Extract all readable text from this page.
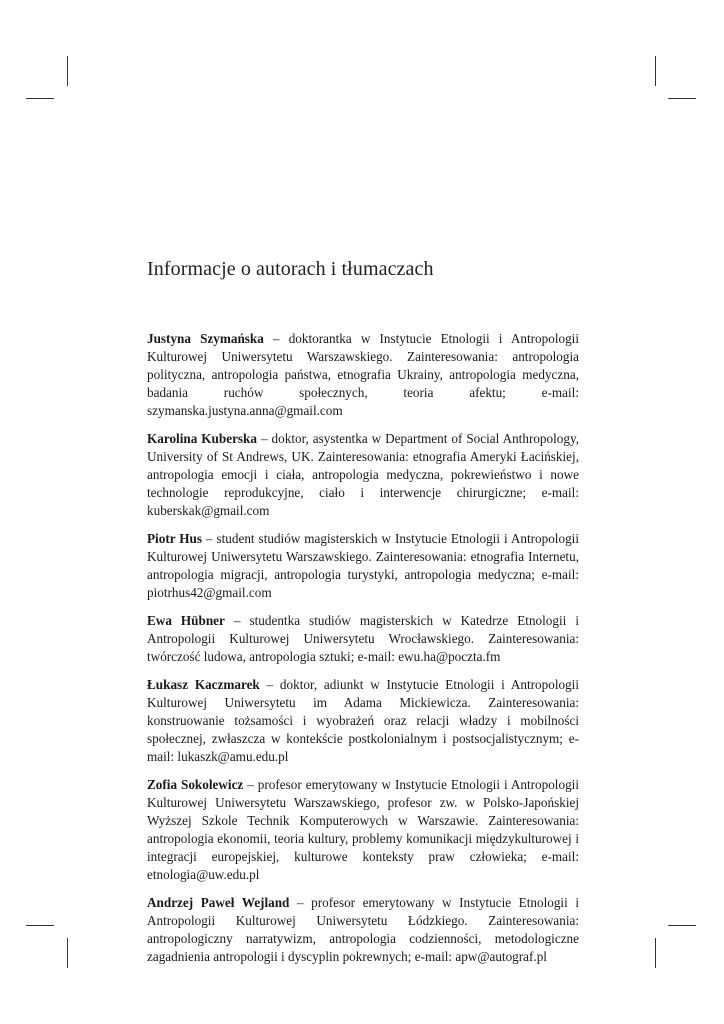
Informacje o autorach i tłumaczach

Justyna Szymańska – doktorantka w Instytucie Etnologii i Antropologii Kulturowej Uniwersytetu Warszawskiego. Zainteresowania: antropologia polityczna, antropologia państwa, etnografia Ukrainy, antropologia medyczna, badania ruchów społecznych, teoria afektu; e-mail: szymanska.justyna.anna@gmail.com

Karolina Kuberska – doktor, asystentka w Department of Social Anthropology, University of St Andrews, UK. Zainteresowania: etnografia Ameryki Łacińskiej, antropologia emocji i ciała, antropologia medyczna, pokrewieństwo i nowe technologie reprodukcyjne, ciało i interwencje chirurgiczne; e-mail: kuberskak@gmail.com

Piotr Hus – student studiów magisterskich w Instytucie Etnologii i Antropologii Kulturowej Uniwersytetu Warszawskiego. Zainteresowania: etnografia Internetu, antropologia migracji, antropologia turystyki, antropologia medyczna; e-mail: piotrhus42@gmail.com

Ewa Hübner – studentka studiów magisterskich w Katedrze Etnologii i Antropologii Kulturowej Uniwersytetu Wrocławskiego. Zainteresowania: twórczość ludowa, antropologia sztuki; e-mail: ewu.ha@poczta.fm

Łukasz Kaczmarek – doktor, adiunkt w Instytucie Etnologii i Antropologii Kulturowej Uniwersytetu im Adama Mickiewicza. Zainteresowania: konstruowanie tożsamości i wyobrażeń oraz relacji władzy i mobilności społecznej, zwłaszcza w kontekście postkolonialnym i postsocjalistycznym; e-mail: lukaszk@amu.edu.pl

Zofia Sokolewicz – profesor emerytowany w Instytucie Etnologii i Antropologii Kulturowej Uniwersytetu Warszawskiego, profesor zw. w Polsko-Japońskiej Wyższej Szkole Technik Komputerowych w Warszawie. Zainteresowania: antropologia ekonomii, teoria kultury, problemy komunikacji międzykulturowej i integracji europejskiej, kulturowe konteksty praw człowieka; e-mail: etnologia@uw.edu.pl

Andrzej Paweł Wejland – profesor emerytowany w Instytucie Etnologii i Antropologii Kulturowej Uniwersytetu Łódzkiego. Zainteresowania: antropologiczny narratywizm, antropologia codzienności, metodologiczne zagadnienia antropologii i dyscyplin pokrewnych; e-mail: apw@autograf.pl
